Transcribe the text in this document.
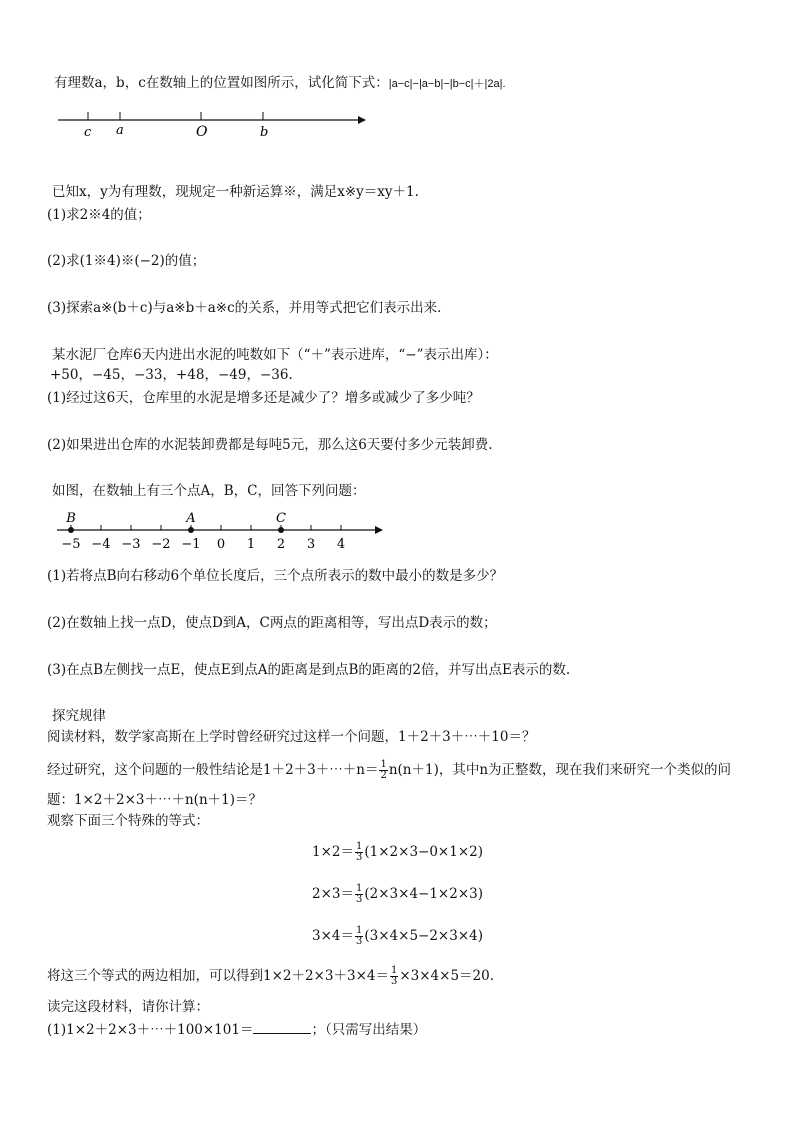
有理数a，b，c在数轴上的位置如图所示，试化简下式：|a−c|−|a−b|−|b−c|＋|2a|.
c a	O	b
已知x，y为有理数，现规定一种新运算※，满足x※y＝xy＋1.
(1)求2※4的值；
(2)求(1※4)※(−2)的值；
(3)探索a※(b＋c)与a※b＋a※c的关系，并用等式把它们表示出来．
某水泥厂仓库6天内进出水泥的吨数如下（“＋”表示进库，“−”表示出库）：
+50，−45，−33，+48，−49，−36.
(1)经过这6天，仓库里的水泥是增多还是减少了？增多或减少了多少吨？
(2)如果进出仓库的水泥装卸费都是每吨5元，那么这6天要付多少元装卸费.
如图，在数轴上有三个点A，B，C，回答下列问题：
−5 −4 −3 −2 −1 0 1 2 3 4
B	A	C
(1)若将点B向右移动6个单位长度后，三个点所表示的数中最小的数是多少？
(2)在数轴上找一点D，使点D到A，C两点的距离相等，写出点D表示的数；
(3)在点B左侧找一点E，使点E到点A的距离是到点B的距离的2倍，并写出点E表示的数.
探究规律
阅读材料，数学家高斯在上学时曾经研究过这样一个问题，1＋2＋3＋⋯＋10＝？
经过研究，这个问题的一般性结论是1＋2＋3＋⋯＋n＝ $\frac{1}{2} n(n+1)$，其中n为正整数，现在我们来研究一个类似的问
题：1×2＋2×3＋⋯＋n(n＋1)＝？
观察下面三个特殊的等式：
$1\times 2= \frac{1}{3} (1\times 2\times 3-0\times 1\times 2)$
$2\times 3= \frac{1}{3} (2\times 3\times 4-1\times 2\times 3)$
$3\times 4= \frac{1}{3} (3\times 4\times 5-2\times 3\times 4)$
将这三个等式的两边相加，可以得到$1\times 2+2\times 3+3\times 4= \frac{1}{3} \times 3\times 4\times 5=20$.
读完这段材料，请你计算：
(1)1×2＋2×3＋⋯＋100×101＝	；（只需写出结果）
